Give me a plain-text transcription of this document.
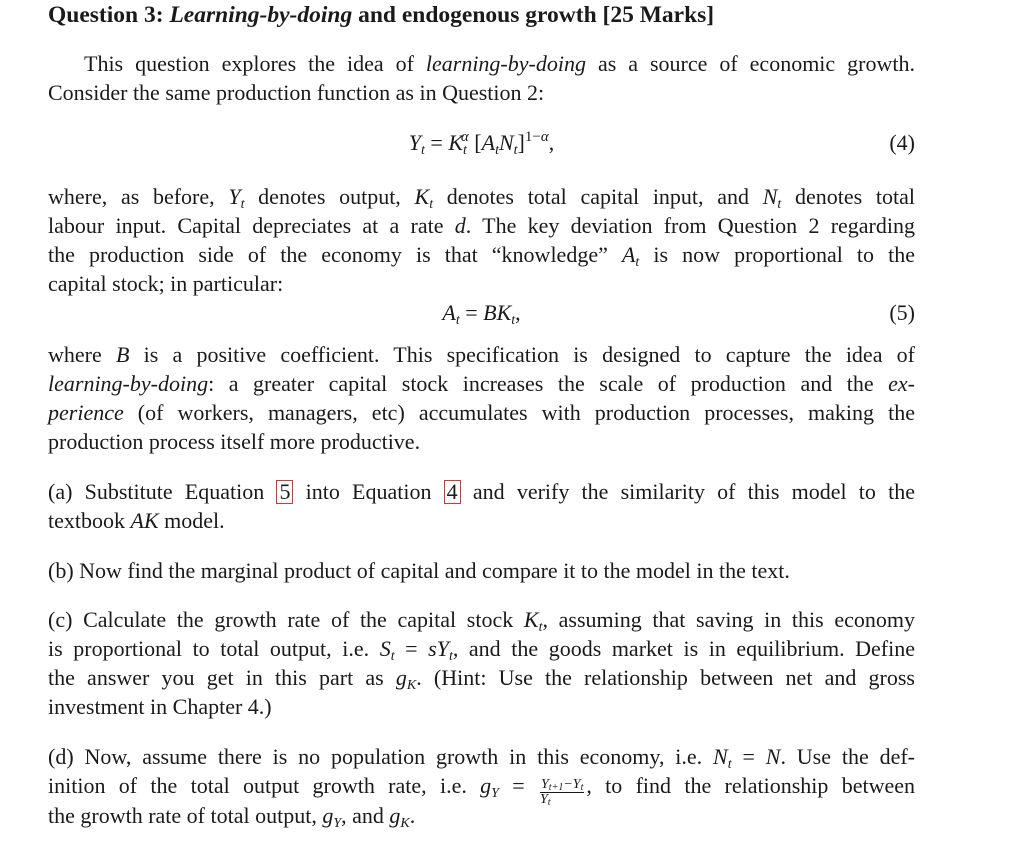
Question 3: Learning-by-doing and endogenous growth [25 Marks]
This question explores the idea of learning-by-doing as a source of economic growth.
Consider the same production function as in Question 2:
$Y_t = K_t^\alpha$ $[A_tN_t]^{1-\alpha}$,	(4)
where, as before, $Y_t$ denotes output, $K_t$ denotes total capital input, and $N_t$ denotes total
labour input. Capital depreciates at a rate d. The key deviation from Question 2 regarding
the production side of the economy is that “knowledge” $A_t$ is now proportional to the
capital stock; in particular:
$A_t = BK_t$,	(5)
where B is a positive coefficient. This specification is designed to capture the idea of
learning-by-doing: a greater capital stock increases the scale of production and the ex-
perience (of workers, managers, etc) accumulates with production processes, making the
production process itself more productive.
(a) Substitute Equation 5 into Equation 4 and verify the similarity of this model to the
textbook AK model.
(b) Now find the marginal product of capital and compare it to the model in the text.
(c) Calculate the growth rate of the capital stock $K_t$, assuming that saving in this economy
is proportional to total output, i.e. $S_t = sY_t$, and the goods market is in equilibrium. Define
the answer you get in this part as $g_K$. (Hint: Use the relationship between net and gross
investment in Chapter 4.)
(d) Now, assume there is no population growth in this economy, i.e. $N_t = N$. Use the def-
inition of the total output growth rate, i.e. $g_Y = \frac{Y_{t+1}-Y_t}{Y_t}$ , to find the relationship between
the growth rate of total output, $g_Y$, and $g_K$.
